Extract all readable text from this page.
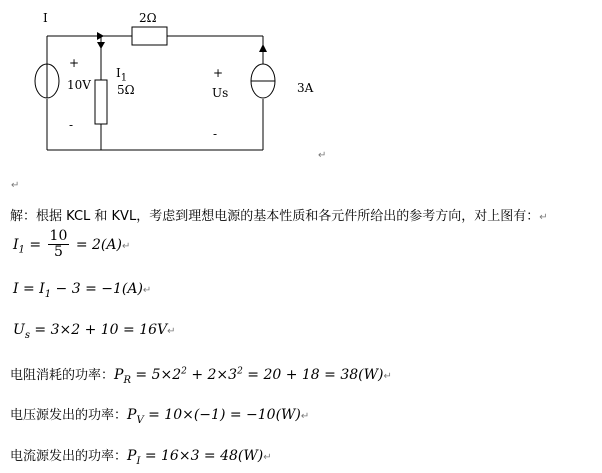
I	2Ω
+
10V
-
$I_1$
5Ω
+
Us
-
3A
↵
↵
解：根据 KCL 和 KVL，考虑到理想电源的基本性质和各元件所给出的参考方向，对上图有：↵
$I_1 = \frac{10}{5}$ = 2(A)↵
$I = I_1 - 3$ = −1(A)↵
$U_s = 3\times 2 + 10$ = 16V↵
电阻消耗的功率：$P_R = 5\times 2^2 + 2\times 3^2 = 20 + 18$ = 38(W)↵
电压源发出的功率：$P_V = 10\times(-1)$ = −10(W)↵
电流源发出的功率：$P_I = 16\times 3$ = 48(W)↵
